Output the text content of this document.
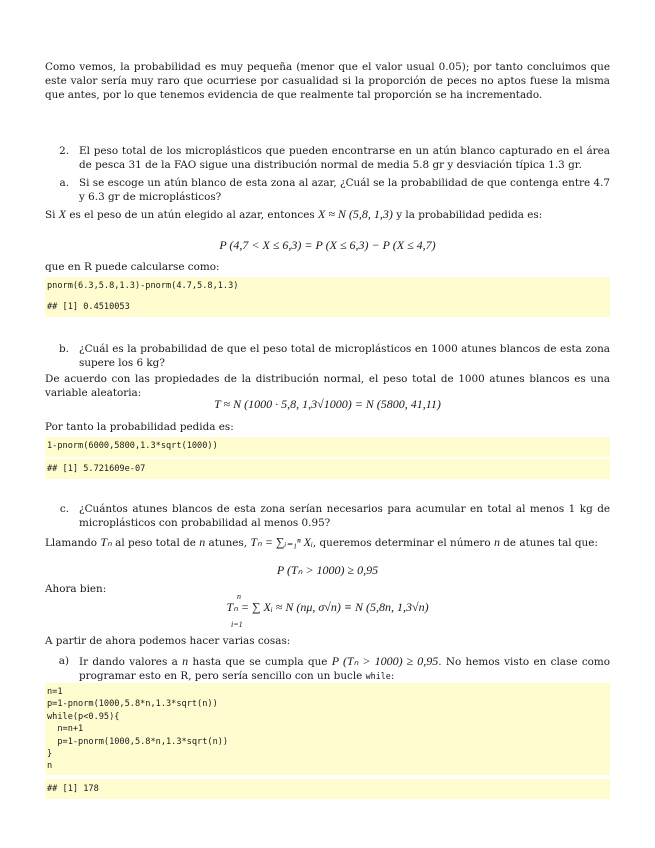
Como vemos, la probabilidad es muy pequeña (menor que el valor usual 0.05); por tanto concluimos que este valor sería muy raro que ocurriese por casualidad si la proporción de peces no aptos fuese la misma que antes, por lo que tenemos evidencia de que realmente tal proporción se ha incrementado.
2. El peso total de los microplásticos que pueden encontrarse en un atún blanco capturado en el área de pesca 31 de la FAO sigue una distribución normal de media 5.8 gr y desviación típica 1.3 gr.
a. Si se escoge un atún blanco de esta zona al azar, ¿Cuál se la probabilidad de que contenga entre 4.7 y 6.3 gr de microplásticos?
Si X es el peso de un atún elegido al azar, entonces X ≈ N (5,8, 1,3) y la probabilidad pedida es:
P (4,7 < X ≤ 6,3) = P (X ≤ 6,3) − P (X ≤ 4,7)
que en R puede calcularse como:
pnorm(6.3,5.8,1.3)-pnorm(4.7,5.8,1.3)
## [1] 0.4510053
b. ¿Cuál es la probabilidad de que el peso total de microplásticos en 1000 atunes blancos de esta zona supere los 6 kg?
De acuerdo con las propiedades de la distribución normal, el peso total de 1000 atunes blancos es una variable aleatoria:
T ≈ N (1000 · 5,8, 1,3√1000) = N (5800, 41,11)
Por tanto la probabilidad pedida es:
1-pnorm(6000,5800,1.3*sqrt(1000))
## [1] 5.721609e-07
c. ¿Cuántos atunes blancos de esta zona serían necesarios para acumular en total al menos 1 kg de microplásticos con probabilidad al menos 0.95?
Llamando Tₙ al peso total de n atunes, Tₙ = ∑ᵢ₌₁ⁿ Xᵢ, queremos determinar el número n de atunes tal que:
P (Tₙ > 1000) ≥ 0,95
Ahora bien:
n
Tₙ = ∑ Xᵢ ≈ N (nμ, σ√n) ≡ N (5,8n, 1,3√n)
i=1
A partir de ahora podemos hacer varias cosas:
a) Ir dando valores a n hasta que se cumpla que P (Tₙ > 1000) ≥ 0,95. No hemos visto en clase como programar esto en R, pero sería sencillo con un bucle while:
n=1
p=1-pnorm(1000,5.8*n,1.3*sqrt(n))
while(p<0.95){
n=n+1
p=1-pnorm(1000,5.8*n,1.3*sqrt(n))
}
n
## [1] 178
